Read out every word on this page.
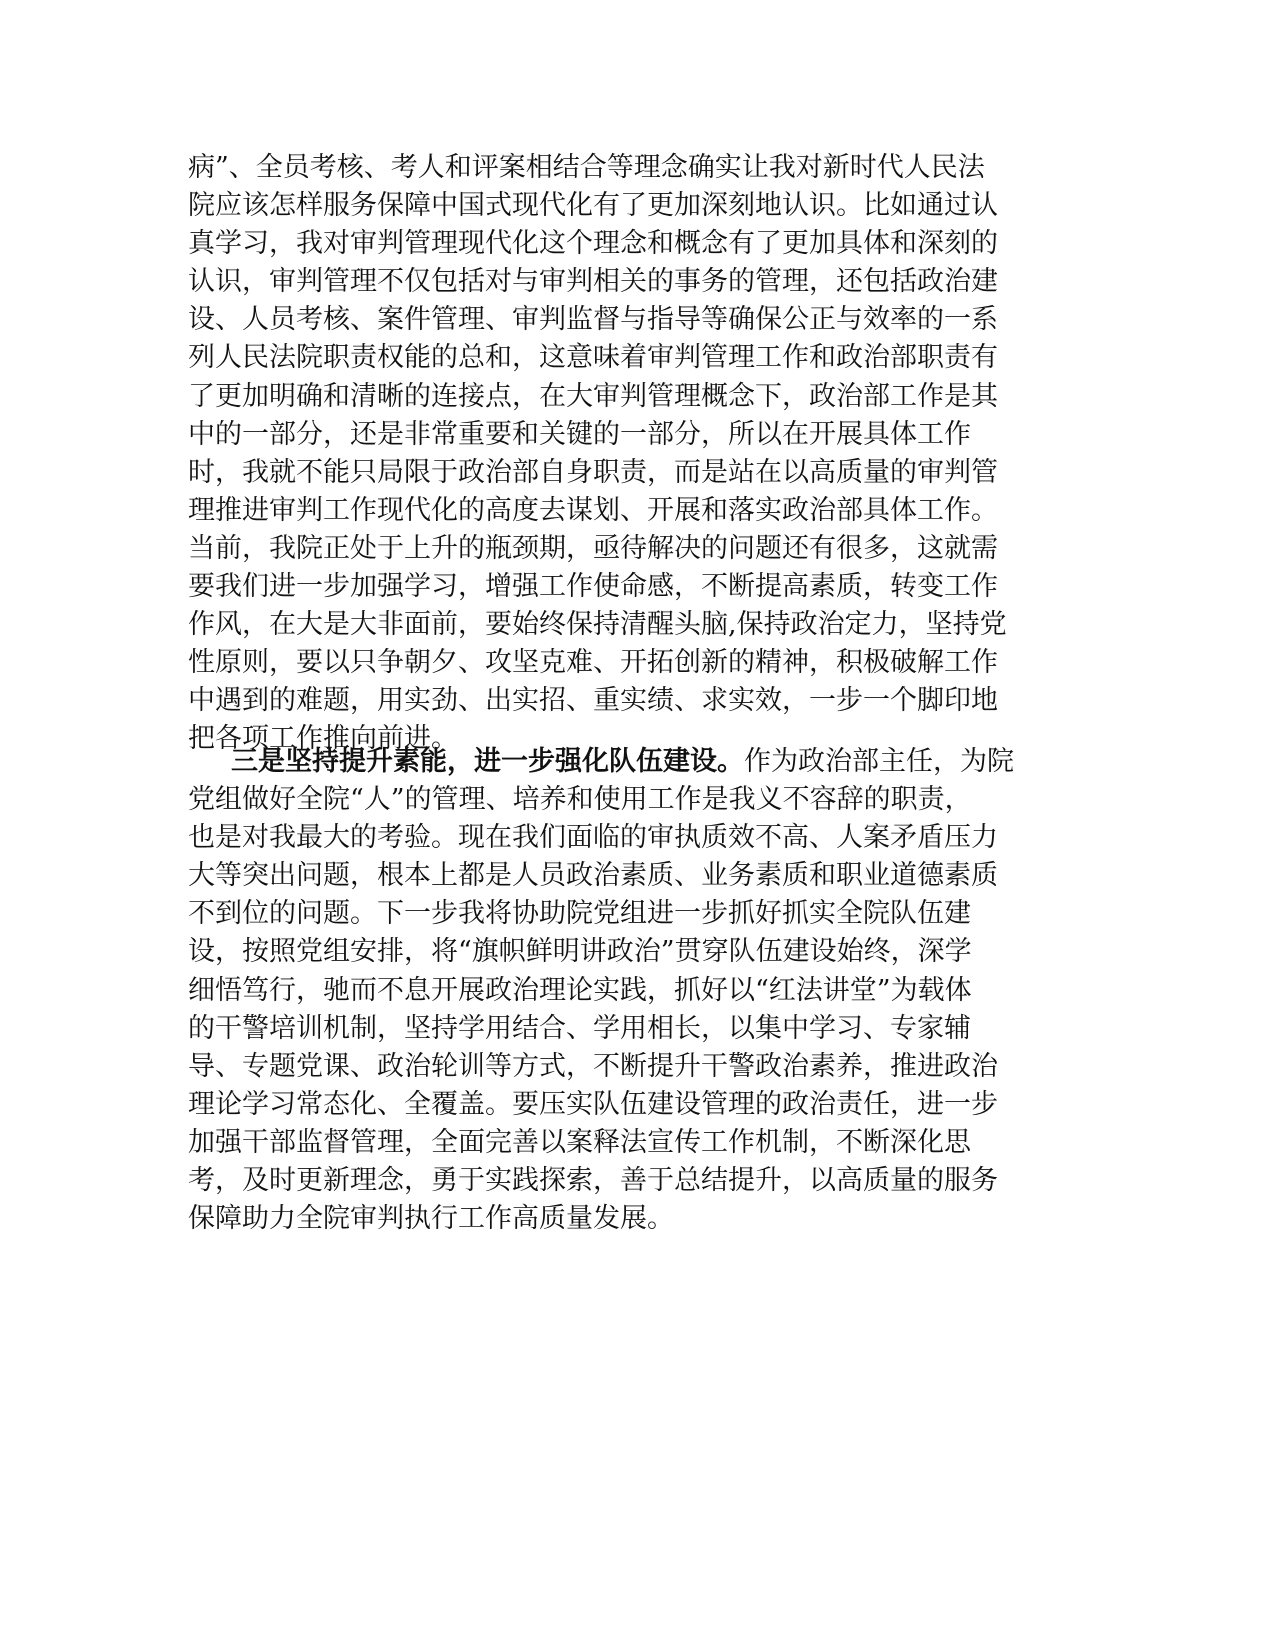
病”、全员考核、考人和评案相结合等理念确实让我对新时代人民法
院应该怎样服务保障中国式现代化有了更加深刻地认识。比如通过认
真学习，我对审判管理现代化这个理念和概念有了更加具体和深刻的
认识，审判管理不仅包括对与审判相关的事务的管理，还包括政治建
设、人员考核、案件管理、审判监督与指导等确保公正与效率的一系
列人民法院职责权能的总和，这意味着审判管理工作和政治部职责有
了更加明确和清晰的连接点，在大审判管理概念下，政治部工作是其
中的一部分，还是非常重要和关键的一部分，所以在开展具体工作
时，我就不能只局限于政治部自身职责，而是站在以高质量的审判管
理推进审判工作现代化的高度去谋划、开展和落实政治部具体工作。
当前，我院正处于上升的瓶颈期，亟待解决的问题还有很多，这就需
要我们进一步加强学习，增强工作使命感，不断提高素质，转变工作
作风，在大是大非面前，要始终保持清醒头脑,保持政治定力，坚持党
性原则，要以只争朝夕、攻坚克难、开拓创新的精神，积极破解工作
中遇到的难题，用实劲、出实招、重实绩、求实效，一步一个脚印地
把各项工作推向前进。
三是坚持提升素能，进一步强化队伍建设。作为政治部主任，为院
党组做好全院“人”的管理、培养和使用工作是我义不容辞的职责，
也是对我最大的考验。现在我们面临的审执质效不高、人案矛盾压力
大等突出问题，根本上都是人员政治素质、业务素质和职业道德素质
不到位的问题。下一步我将协助院党组进一步抓好抓实全院队伍建
设，按照党组安排，将“旗帜鲜明讲政治”贯穿队伍建设始终，深学
细悟笃行，驰而不息开展政治理论实践，抓好以“红法讲堂”为载体
的干警培训机制，坚持学用结合、学用相长，以集中学习、专家辅
导、专题党课、政治轮训等方式，不断提升干警政治素养，推进政治
理论学习常态化、全覆盖。要压实队伍建设管理的政治责任，进一步
加强干部监督管理，全面完善以案释法宣传工作机制，不断深化思
考，及时更新理念，勇于实践探索，善于总结提升，以高质量的服务
保障助力全院审判执行工作高质量发展。
